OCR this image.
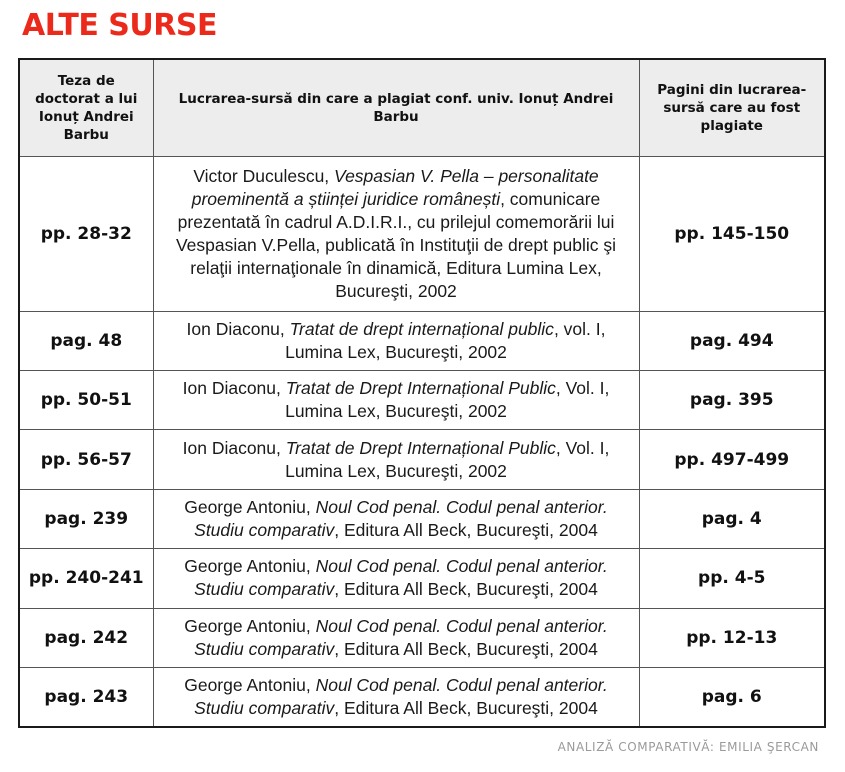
ALTE SURSE
Teza de doctorat a lui Ionuț Andrei Barbu	Lucrarea-sursă din care a plagiat conf. univ. Ionuț Andrei Barbu	Pagini din lucrarea-sursă care au fost plagiate
pp. 28-32	Victor Duculescu, Vespasian V. Pella – personalitate proeminentă a științei juridice românești, comunicare prezentată în cadrul A.D.I.R.I., cu prilejul comemorării lui Vespasian V.Pella, publicată în Instituţii de drept public şi relaţii internaţionale în dinamică, Editura Lumina Lex, Bucureşti, 2002	pp. 145-150
pag. 48	Ion Diaconu, Tratat de drept internațional public, vol. I, Lumina Lex, Bucureşti, 2002	pag. 494
pp. 50-51	Ion Diaconu, Tratat de Drept Internațional Public, Vol. I, Lumina Lex, Bucureşti, 2002	pag. 395
pp. 56-57	Ion Diaconu, Tratat de Drept Internațional Public, Vol. I, Lumina Lex, Bucureşti, 2002	pp. 497-499
pag. 239	George Antoniu, Noul Cod penal. Codul penal anterior. Studiu comparativ, Editura All Beck, Bucureşti, 2004	pag. 4
pp. 240-241	George Antoniu, Noul Cod penal. Codul penal anterior. Studiu comparativ, Editura All Beck, Bucureşti, 2004	pp. 4-5
pag. 242	George Antoniu, Noul Cod penal. Codul penal anterior. Studiu comparativ, Editura All Beck, Bucureşti, 2004	pp. 12-13
pag. 243	George Antoniu, Noul Cod penal. Codul penal anterior. Studiu comparativ, Editura All Beck, Bucureşti, 2004	pag. 6
ANALIZĂ COMPARATIVĂ: EMILIA ŞERCAN
